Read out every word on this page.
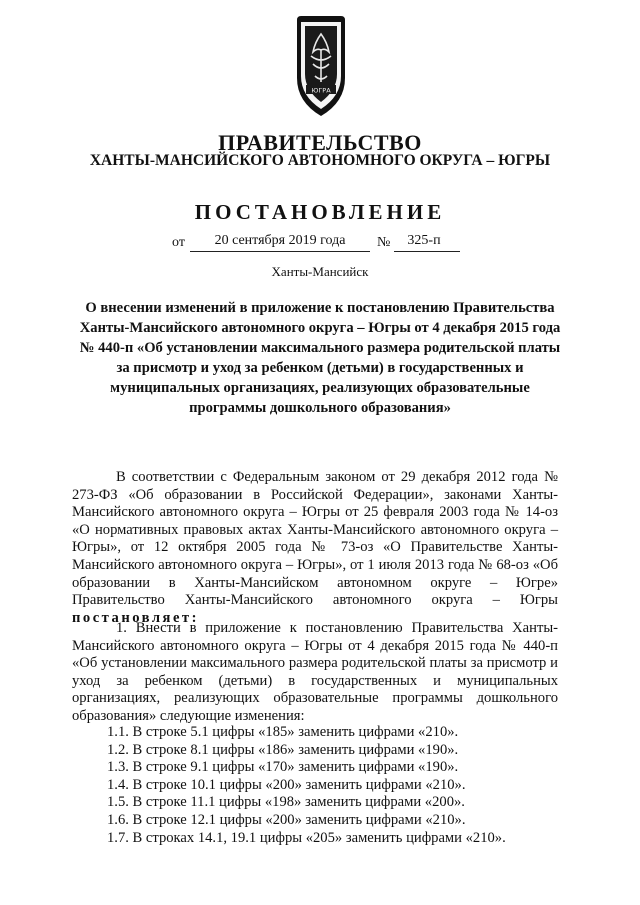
ЮГРА
ПРАВИТЕЛЬСТВО
ХАНТЫ-МАНСИЙСКОГО АВТОНОМНОГО ОКРУГА – ЮГРЫ
ПОСТАНОВЛЕНИЕ
от	20 сентября 2019 года	№	325-п
Ханты-Мансийск
О внесении изменений в приложение к постановлению Правительства Ханты-Мансийского автономного округа – Югры от 4 декабря 2015 года № 440-п «Об установлении максимального размера родительской платы за присмотр и уход за ребенком (детьми) в государственных и муниципальных организациях, реализующих образовательные программы дошкольного образования»
В соответствии с Федеральным законом от 29 декабря 2012 года № 273-ФЗ «Об образовании в Российской Федерации», законами Ханты-Мансийского автономного округа – Югры от 25 февраля 2003 года № 14-оз «О нормативных правовых актах Ханты-Мансийского автономного округа – Югры», от 12 октября 2005 года № 73-оз «О Правительстве Ханты-Мансийского автономного округа – Югры», от 1 июля 2013 года № 68-оз «Об образовании в Ханты-Мансийском автономном округе – Югре» Правительство Ханты-Мансийского автономного округа – Югры постановляет:
1. Внести в приложение к постановлению Правительства Ханты-Мансийского автономного округа – Югры от 4 декабря 2015 года № 440-п «Об установлении максимального размера родительской платы за присмотр и уход за ребенком (детьми) в государственных и муниципальных организациях, реализующих образовательные программы дошкольного образования» следующие изменения:
1.1. В строке 5.1 цифры «185» заменить цифрами «210».
1.2. В строке 8.1 цифры «186» заменить цифрами «190».
1.3. В строке 9.1 цифры «170» заменить цифрами «190».
1.4. В строке 10.1 цифры «200» заменить цифрами «210».
1.5. В строке 11.1 цифры «198» заменить цифрами «200».
1.6. В строке 12.1 цифры «200» заменить цифрами «210».
1.7. В строках 14.1, 19.1 цифры «205» заменить цифрами «210».
